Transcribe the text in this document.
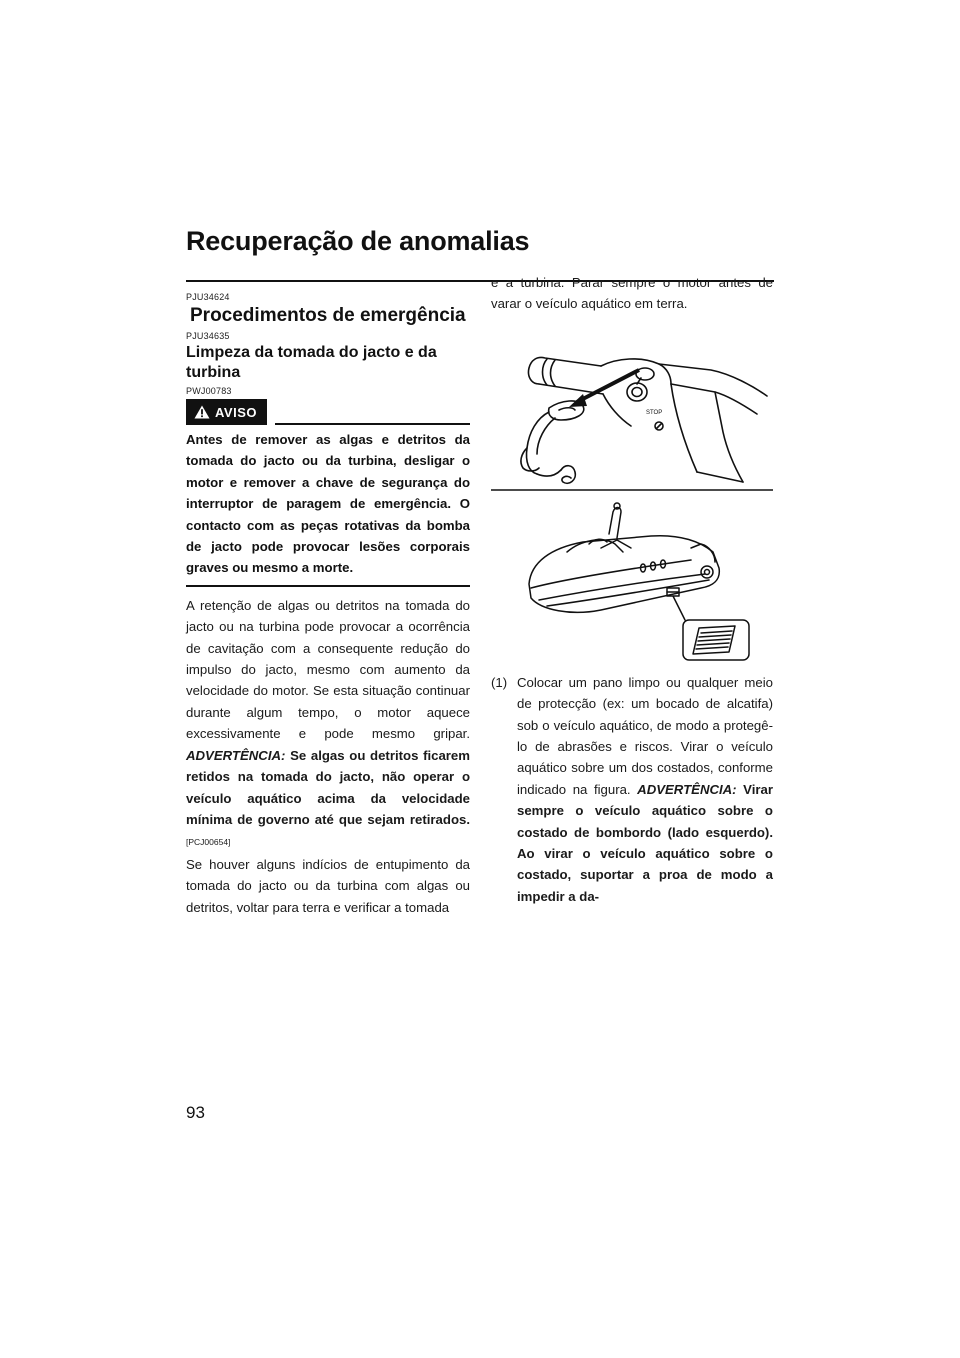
Recuperação de anomalias
PJU34624
Procedimentos de emergência
PJU34635
Limpeza da tomada do jacto e da turbina
PWJ00783
AVISO

Antes de remover as algas e detritos da tomada do jacto ou da turbina, desligar o motor e remover a chave de segurança do interruptor de paragem de emergência. O contacto com as peças rotativas da bomba de jacto pode provocar lesões corporais graves ou mesmo a morte.

A retenção de algas ou detritos na tomada do jacto ou na turbina pode provocar a ocorrência de cavitação com a consequente redução do impulso do jacto, mesmo com aumento da velocidade do motor. Se esta situação continuar durante algum tempo, o motor aquece excessivamente e pode mesmo gripar. ADVERTÊNCIA: Se algas ou detritos ficarem retidos na tomada do jacto, não operar o veículo aquático acima da velocidade mínima de governo até que sejam retirados. [PCJ00654]

Se houver alguns indícios de entupimento da tomada do jacto ou da turbina com algas ou detritos, voltar para terra e verificar a tomada

e a turbina. Parar sempre o motor antes de varar o veículo aquático em terra.

STOP
(1) Colocar um pano limpo ou qualquer meio de protecção (ex: um bocado de alcatifa) sob o veículo aquático, de modo a protegê-lo de abrasões e riscos. Virar o veículo aquático sobre um dos costados, conforme indicado na figura. ADVERTÊNCIA: Virar sempre o veículo aquático sobre o costado de bombordo (lado esquerdo). Ao virar o veículo aquático sobre o costado, suportar a proa de modo a impedir a da-
93
